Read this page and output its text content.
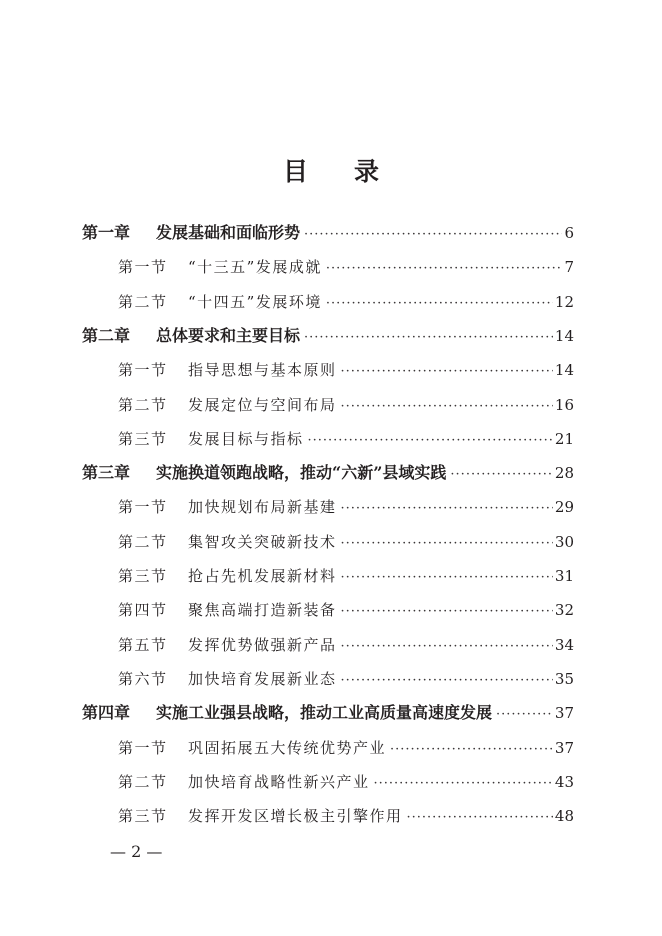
目 录
第一章 发展基础和面临形势 ·····	6
第一节 “十三五”发展成就 ·····	7
第二节 “十四五”发展环境 ·····	12
第二章 总体要求和主要目标 ·····	14
第一节 指导思想与基本原则 ·····	14
第二节 发展定位与空间布局 ·····	16
第三节 发展目标与指标 ·····	21
第三章 实施换道领跑战略，推动“六新”县域实践 ·····	28
第一节 加快规划布局新基建 ·····	29
第二节 集智攻关突破新技术 ·····	30
第三节 抢占先机发展新材料 ·····	31
第四节 聚焦高端打造新装备 ·····	32
第五节 发挥优势做强新产品 ·····	34
第六节 加快培育发展新业态 ·····	35
第四章 实施工业强县战略，推动工业高质量高速度发展 ·····	37
第一节 巩固拓展五大传统优势产业 ·····	37
第二节 加快培育战略性新兴产业 ·····	43
第三节 发挥开发区增长极主引擎作用 ·····	48
— 2 —
